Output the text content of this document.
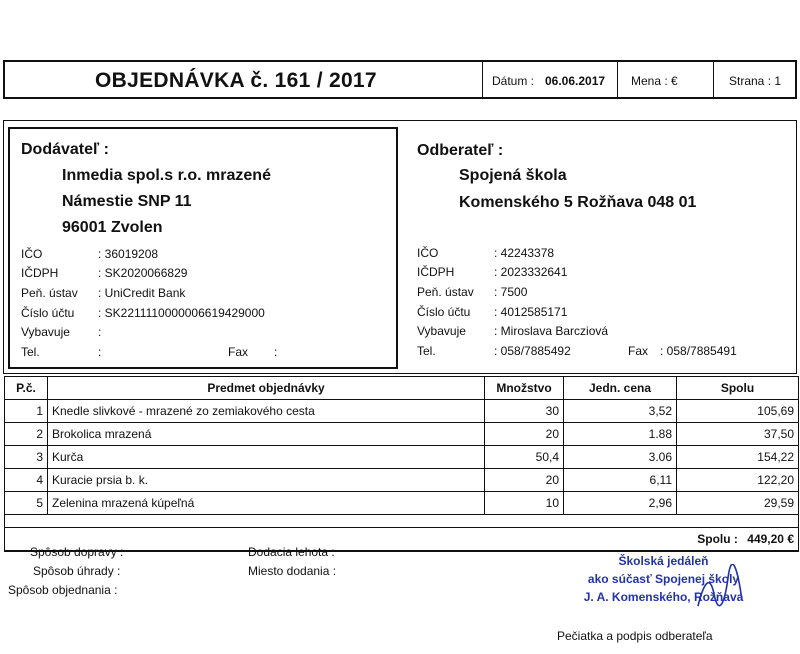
OBJEDNÁVKA č. 161 / 2017	Dátum : 06.06.2017 Mena : €	Strana : 1
Dodávateľ :
Inmedia spol.s r.o. mrazené
Námestie SNP 11
96001 Zvolen
IČO	: 36019208
IČDPH	: SK2020066829
Peň. ústav : UniCredit Bank
Číslo účtu : SK2211110000006619429000
Vybavuje :
Tel.	:	Fax :
Odberateľ :
Spojená škola
Komenského 5 Rožňava 048 01
IČO	: 42243378
IČDPH	: 2023332641
Peň. ústav : 7500
Číslo účtu : 4012585171
Vybavuje : Miroslava Barcziová
Tel.	: 058/7885492	Fax : 058/7885491
P.č.	Predmet objednávky	Množstvo	Jedn. cena	Spolu
1	Knedle slivkové - mrazené zo zemiakového cesta	30	3,52	105,69
2	Brokolica mrazená	20	1.88	37,50
3	Kurča	50,4	3.06	154,22
4	Kuracie prsia b. k.	20	6,11	122,20
5	Zelenina mrazená kúpeľná	10	2,96	29,59

Spolu : 449,20 €				
Spôsob dopravy :
Spôsob úhrady :
Spôsob objednania :
Dodacia lehota :
Miesto dodania :
Školská jedáleň
ako súčasť Spojenej školy
J. A. Komenského, Rožňava
Pečiatka a podpis odberateľa
